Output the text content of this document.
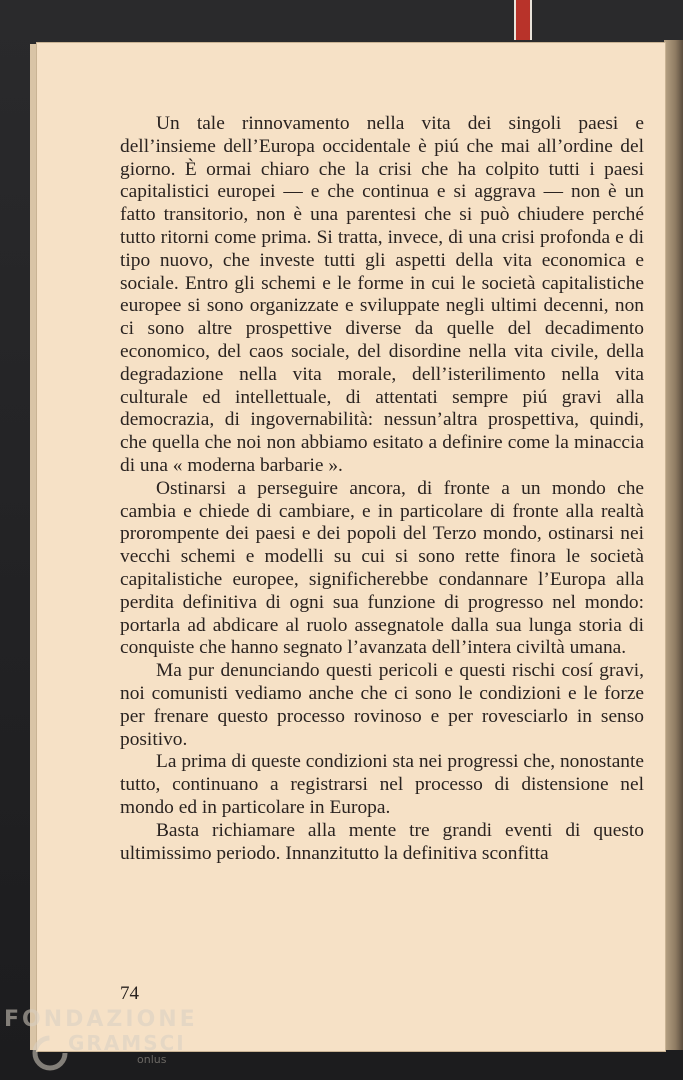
Un tale rinnovamento nella vita dei singoli paesi e dell’insieme dell’Europa occidentale è piú che mai all’ordine del giorno. È ormai chiaro che la crisi che ha colpito tutti i paesi capitalistici europei — e che continua e si aggrava — non è un fatto transitorio, non è una parentesi che si può chiudere perché tutto ritorni come prima. Si tratta, invece, di una crisi profonda e di tipo nuovo, che investe tutti gli aspetti della vita economica e sociale. Entro gli schemi e le forme in cui le società capitalistiche europee si sono organizzate e sviluppate negli ultimi decenni, non ci sono altre prospettive diverse da quelle del decadimento economico, del caos sociale, del disordine nella vita civile, della degradazione nella vita morale, dell’isterilimento nella vita culturale ed intellettuale, di attentati sempre piú gravi alla democrazia, di ingovernabilità: nessun’altra prospettiva, quindi, che quella che noi non abbiamo esitato a definire come la minaccia di una « moderna barbarie ».

Ostinarsi a perseguire ancora, di fronte a un mondo che cambia e chiede di cambiare, e in particolare di fronte alla realtà prorompente dei paesi e dei popoli del Terzo mondo, ostinarsi nei vecchi schemi e modelli su cui si sono rette finora le società capitalistiche europee, significherebbe condannare l’Europa alla perdita definitiva di ogni sua funzione di progresso nel mondo: portarla ad abdicare al ruolo assegnatole dalla sua lunga storia di conquiste che hanno segnato l’avanzata dell’intera civiltà umana.

Ma pur denunciando questi pericoli e questi rischi cosí gravi, noi comunisti vediamo anche che ci sono le condizioni e le forze per frenare questo processo rovinoso e per rovesciarlo in senso positivo.

La prima di queste condizioni sta nei progressi che, nonostante tutto, continuano a registrarsi nel processo di distensione nel mondo ed in particolare in Europa.

Basta richiamare alla mente tre grandi eventi di questo ultimissimo periodo. Innanzitutto la definitiva sconfitta

74
FONDAZIONE
GRAMSCI
onlus
